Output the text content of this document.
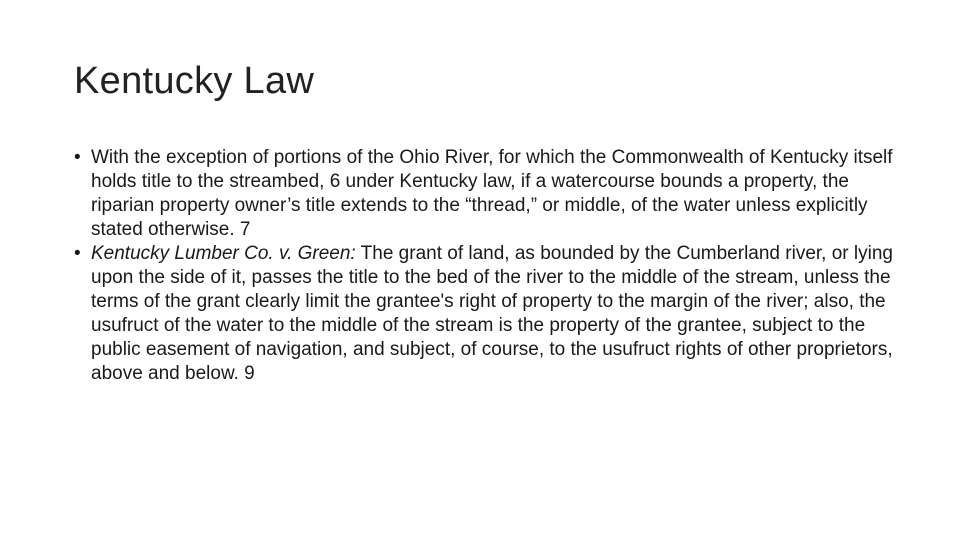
Kentucky Law
• With the exception of portions of the Ohio River, for which the Commonwealth of Kentucky itself holds title to the streambed, 6 under Kentucky law, if a watercourse bounds a property, the riparian property owner’s title extends to the “thread,” or middle, of the water unless explicitly stated otherwise. 7
• Kentucky Lumber Co. v. Green: The grant of land, as bounded by the Cumberland river, or lying upon the side of it, passes the title to the bed of the river to the middle of the stream, unless the terms of the grant clearly limit the grantee's right of property to the margin of the river; also, the usufruct of the water to the middle of the stream is the property of the grantee, subject to the public easement of navigation, and subject, of course, to the usufruct rights of other proprietors, above and below. 9
